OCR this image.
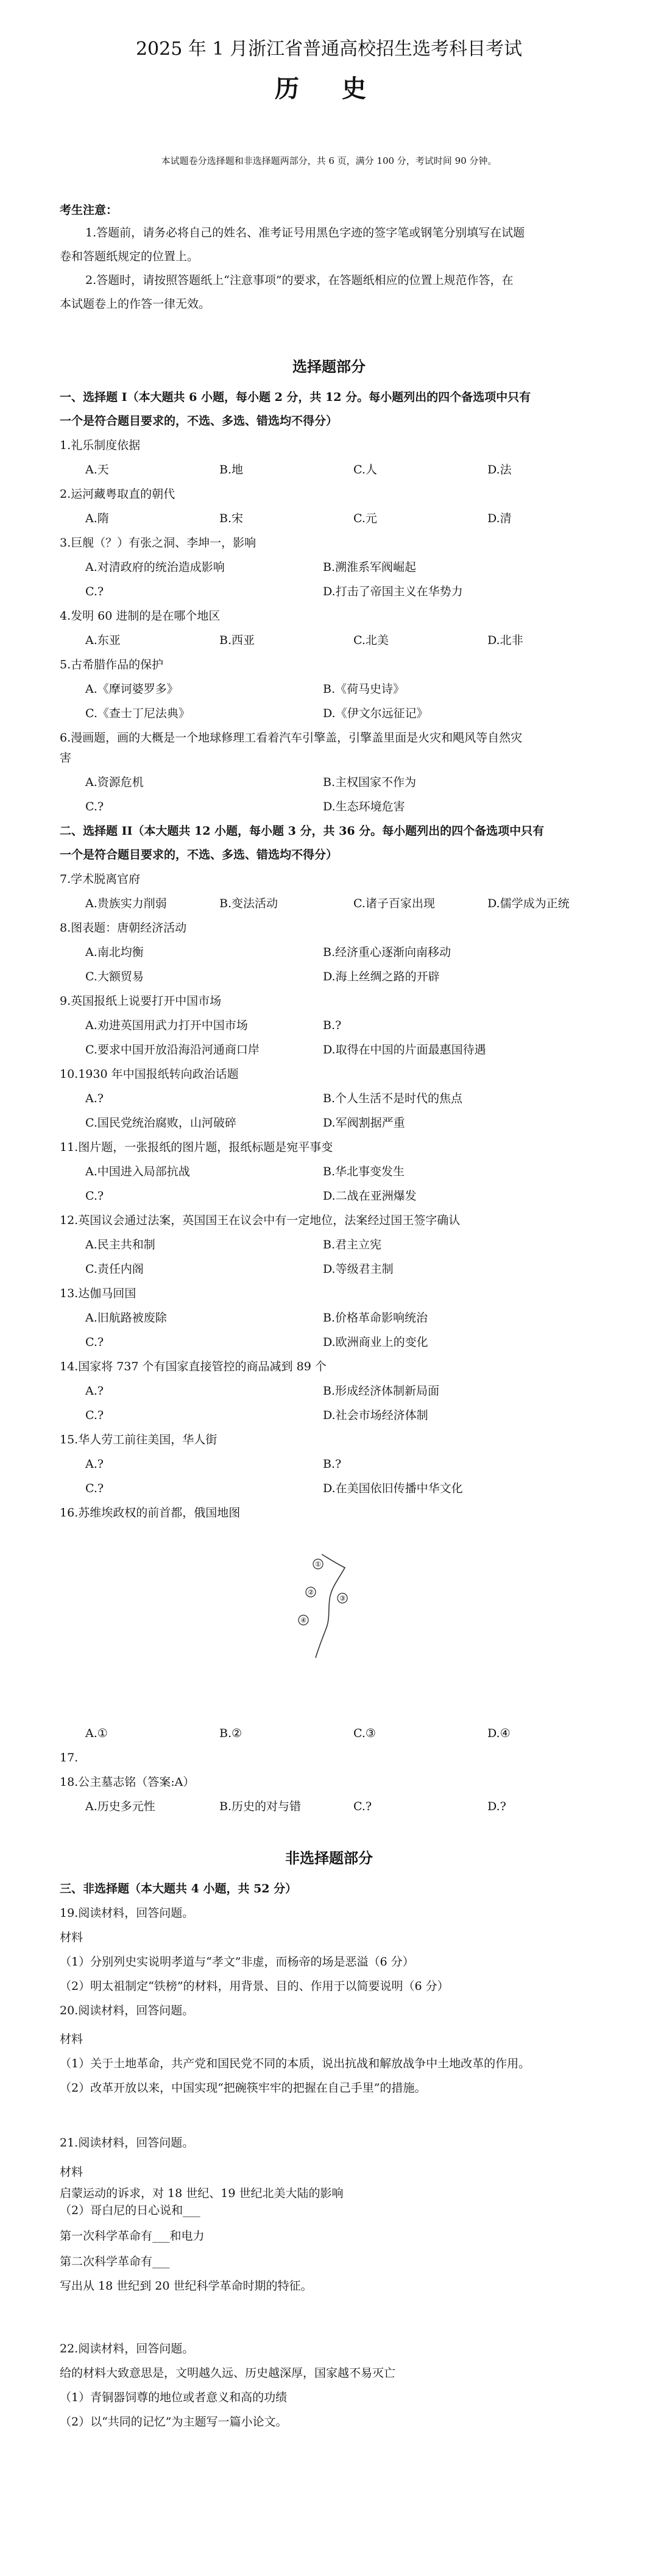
2025 年 1 月浙江省普通高校招生选考科目考试
历 史
本试题卷分选择题和非选择题两部分，共 6 页，满分 100 分，考试时间 90 分钟。
考生注意：
1.答题前，请务必将自己的姓名、准考证号用黑色字迹的签字笔或钢笔分别填写在试题
卷和答题纸规定的位置上。
2.答题时，请按照答题纸上“注意事项”的要求，在答题纸相应的位置上规范作答，在
本试题卷上的作答一律无效。
选择题部分
一、选择题 I（本大题共 6 小题，每小题 2 分，共 12 分。每小题列出的四个备选项中只有
一个是符合题目要求的，不选、多选、错选均不得分）
1.礼乐制度依据
A.天	B.地	C.人	D.法
2.运河藏粤取直的朝代
A.隋	B.宋	C.元	D.清
3.巨舰（？）有张之洞、李坤一，影响
A.对清政府的统治造成影响	B.溯淮系军阀崛起
C.?	D.打击了帝国主义在华势力
4.发明 60 进制的是在哪个地区
A.东亚	B.西亚	C.北美	D.北非
5.古希腊作品的保护
A.《摩诃婆罗多》	B.《荷马史诗》
C.《查士丁尼法典》	D.《伊文尔远征记》
6.漫画题，画的大概是一个地球修理工看着汽车引擎盖，引擎盖里面是火灾和飓风等自然灾
害
A.资源危机	B.主权国家不作为
C.?	D.生态环境危害
二、选择题 II（本大题共 12 小题，每小题 3 分，共 36 分。每小题列出的四个备选项中只有
一个是符合题目要求的，不选、多选、错选均不得分）
7.学术脱离官府
A.贵族实力削弱	B.变法活动	C.诸子百家出现	D.儒学成为正统
8.图表题：唐朝经济活动
A.南北均衡	B.经济重心逐渐向南移动
C.大额贸易	D.海上丝绸之路的开辟
9.英国报纸上说要打开中国市场
A.劝进英国用武力打开中国市场	B.?
C.要求中国开放沿海沿河通商口岸	D.取得在中国的片面最惠国待遇
10.1930 年中国报纸转向政治话题
A.?	B.个人生活不是时代的焦点
C.国民党统治腐败，山河破碎	D.军阀割据严重
11.图片题，一张报纸的图片题，报纸标题是宛平事变
A.中国进入局部抗战	B.华北事变发生
C.?	D.二战在亚洲爆发
12.英国议会通过法案，英国国王在议会中有一定地位，法案经过国王签字确认
A.民主共和制	B.君主立宪
C.责任内阁	D.等级君主制
13.达伽马回国
A.旧航路被废除	B.价格革命影响统治
C.?	D.欧洲商业上的变化
14.国家将 737 个有国家直接管控的商品减到 89 个
A.?	B.形成经济体制新局面
C.?	D.社会市场经济体制
15.华人劳工前往美国，华人街
A.?	B.?
C.?	D.在美国依旧传播中华文化
16.苏维埃政权的前首都，俄国地图
①
②
③
④
A.①	B.②	C.③	D.④
17.
18.公主墓志铭（答案:A）
A.历史多元性	B.历史的对与错	C.?	D.?
非选择题部分
三、非选择题（本大题共 4 小题，共 52 分）
19.阅读材料，回答问题。
材料
（1）分别列史实说明孝道与“孝文”非虚，而杨帝的场是恶溢（6 分）
（2）明太祖制定“铁榜”的材料，用背景、目的、作用于以简要说明（6 分）
20.阅读材料，回答问题。
材料
（1）关于土地革命，共产党和国民党不同的本质，说出抗战和解放战争中土地改革的作用。
（2）改革开放以来，中国实现“把碗筷牢牢的把握在自己手里”的措施。
21.阅读材料，回答问题。
材料
启蒙运动的诉求，对 18 世纪、19 世纪北美大陆的影响
（2）哥白尼的日心说和___
第一次科学革命有___和电力
第二次科学革命有___
写出从 18 世纪到 20 世纪科学革命时期的特征。
22.阅读材料，回答问题。
给的材料大致意思是，文明越久远、历史越深厚，国家越不易灭亡
（1）青铜器饲尊的地位或者意义和高的功绩
（2）以“共同的记忆”为主题写一篇小论文。
